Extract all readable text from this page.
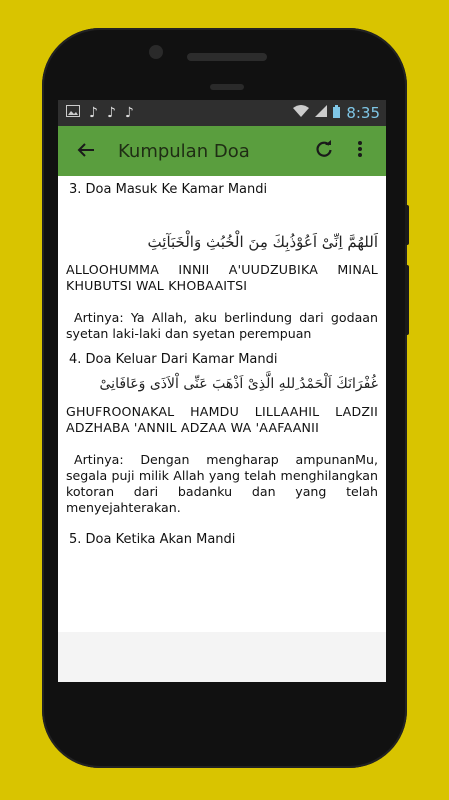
♪ ♪ ♪	8:35
Kumpulan Doa

3. Doa Masuk Ke Kamar Mandi

اَللهُمَّ اِنِّىْ اَعُوْذُبِكَ مِنَ الْخُبُثِ وَالْخَبَآئِثِ

ALLOOHUMMA INNII A'UUDZUBIKA MINAL KHUBUTSI WAL KHOBAAITSI

Artinya: Ya Allah, aku berlindung dari godaan syetan laki-laki dan syetan perempuan

4. Doa Keluar Dari Kamar Mandi

غُفْرَانَكَ اَلْحَمْدُ ِللهِ الَّذِىْ اَذْهَبَ عَنِّى اْلاَذَى وَعَافَانِىْ

GHUFROONAKAL HAMDU LILLAAHIL LADZII ADZHABA 'ANNIL ADZAA WA 'AAFAANII

Artinya: Dengan mengharap ampunanMu, segala puji milik Allah yang telah menghilangkan kotoran dari badanku dan yang telah menyejahterakan.

5. Doa Ketika Akan Mandi
